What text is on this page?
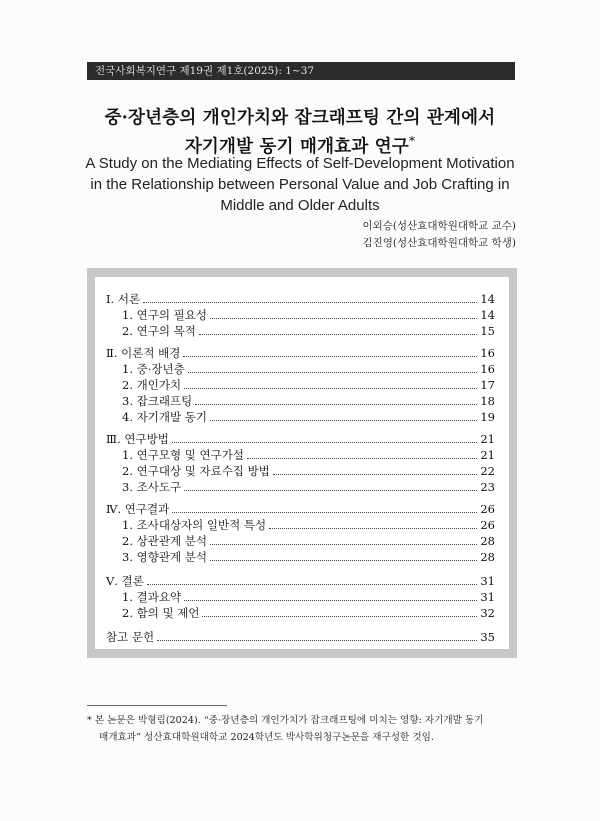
전국사회복지연구 제19권 제1호(2025): 1~37
중·장년층의 개인가치와 잡크래프팅 간의 관계에서
자기개발 동기 매개효과 연구*
A Study on the Mediating Effects of Self-Development Motivation
in the Relationship between Personal Value and Job Crafting in
Middle and Older Adults
이외승(성산효대학원대학교 교수)
김진영(성산효대학원대학교 학생)
Ⅰ. 서론	14
1. 연구의 필요성	14
2. 연구의 목적	15
Ⅱ. 이론적 배경	16
1. 중·장년층	16
2. 개인가치	17
3. 잡크래프팅	18
4. 자기개발 동기	19
Ⅲ. 연구방법	21
1. 연구모형 및 연구가설	21
2. 연구대상 및 자료수집 방법	22
3. 조사도구	23
Ⅳ. 연구결과	26
1. 조사대상자의 일반적 특성	26
2. 상관관계 분석	28
3. 영향관계 분석	28
Ⅴ. 결론	31
1. 결과요약	31
2. 함의 및 제언	32
참고 문헌	35
* 본 논문은 박형림(2024). “중·장년층의 개인가치가 잡크래프팅에 미치는 영향: 자기개발 동기
매개효과” 성산효대학원대학교 2024학년도 박사학위청구논문을 재구성한 것임.
